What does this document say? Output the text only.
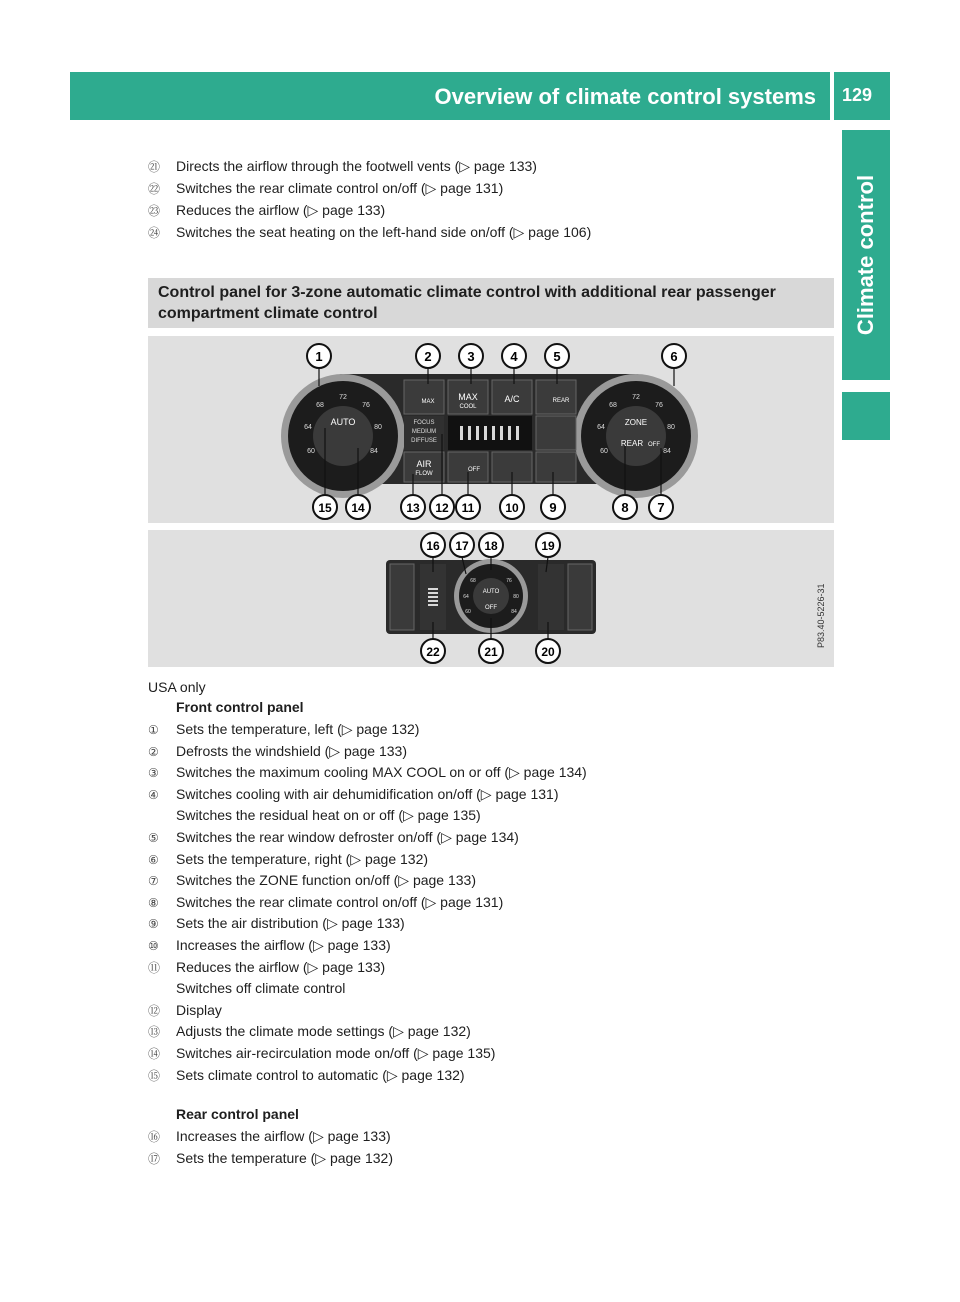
Overview of climate control systems 129
Climate control
㉑ Directs the airflow through the footwell vents (▷ page 133)
㉒ Switches the rear climate control on/off (▷ page 131)
㉓ Reduces the airflow (▷ page 133)
㉔ Switches the seat heating on the left-hand side on/off (▷ page 106)
Control panel for 3-zone automatic climate control with additional rear passenger compartment climate control
AUTO
72
68
64
60
76
80
84
ZONE
REAR OFF
72
68
64
60
76
80
84
MAX	MAX
COOL
A/C	REAR
FOCUS
MEDIUM
DIFFUSE
AIR
FLOW
OFF
1	2	3	4	5	6
15 14	13 12 11	10 9	8 7
AUTO
OFF
68
64
60
76
80
84
16 17 18	19
22	21	20
P83.40-5226-31
USA only
Front control panel
① Sets the temperature, left (▷ page 132)
② Defrosts the windshield (▷ page 133)
③ Switches the maximum cooling MAX COOL on or off (▷ page 134)
④ Switches cooling with air dehumidification on/off (▷ page 131)
Switches the residual heat on or off (▷ page 135)
⑤ Switches the rear window defroster on/off (▷ page 134)
⑥ Sets the temperature, right (▷ page 132)
⑦ Switches the ZONE function on/off (▷ page 133)
⑧ Switches the rear climate control on/off (▷ page 131)
⑨ Sets the air distribution (▷ page 133)
⑩ Increases the airflow (▷ page 133)
⑪ Reduces the airflow (▷ page 133)
Switches off climate control
⑫ Display
⑬ Adjusts the climate mode settings (▷ page 132)
⑭ Switches air-recirculation mode on/off (▷ page 135)
⑮ Sets climate control to automatic (▷ page 132)
Rear control panel
⑯ Increases the airflow (▷ page 133)
⑰ Sets the temperature (▷ page 132)
